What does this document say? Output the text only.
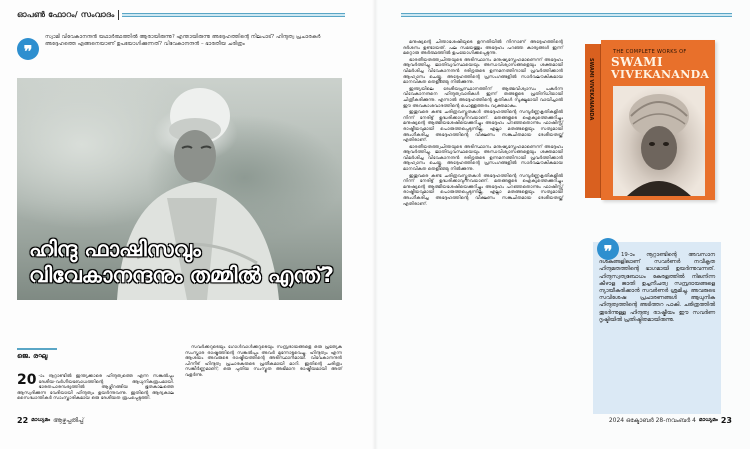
ഓപൺ ഫോറം/ സംവാദം
❞
സ്വാമി വിവേകാനന്ദൻ യഥാർത്ഥത്തിൽ ആരായിരുന്നു? എന്തായിരുന്നു അദ്ദേഹത്തിന്റെ നിലപാട്? ഹിന്ദുത്വ പ്രചാരകർ അദ്ദേഹത്തെ എങ്ങനെയാണ് ഉപയോഗിക്കുന്നത്? വിവേകാനന്ദൻ – ഭാരതീയ ചരിത്രം
ഹിന്ദു ഫാഷിസവും
വിവേകാനന്ദനും തമ്മിൽ എന്ത്?
ജെ. രഘു
20 -ാം നൂറ്റാണ്ടിൽ ഇന്ത്യക്കാരെ ഹിന്ദുത്വത്തെ എന്ന സങ്കൽപ്പം ദേശീയ-വർഗീയബോധത്തിന്റെ ആധുനികരൂപമായി. ഭാരതപാരമ്പര്യത്തിൽ ആഴ്ന്നിറങ്ങിയ ഭൂതകാലത്തെ ആസ്വദിക്കുന്ന വേദിയായി ഹിന്ദുത്വം ഉയർന്നുവന്നു. ഇതിന്റെ ആദ്യകാല സൈദ്ധാന്തികർ സാംസ്കാരികമായ ഒരു ദേശീയത രൂപപ്പെടുത്തി.

സവർക്കറുടെയും ഗോൾവാൾക്കറുടെയും സമ്പ്രദായങ്ങളെ ഒരു പ്രത്യേക സംസ്കാര രാഷ്ട്രത്തിന്റെ സങ്കൽപ്പം അവർ മുന്നോട്ടുവെച്ചു. ഹിന്ദുത്വം എന്ന ആശയം അവരുടെ രാഷ്ട്രീയത്തിന്റെ അടിസ്ഥാനമായി. വിവേകാനന്ദൻ പിന്നീട് ഹിന്ദുത്വ പ്രചാരകരുടെ പ്രതീകമായി മാറി. ഇതിന്റെ ചരിത്രം സങ്കീർണ്ണമാണ്; ഒരു പുതിയ സംസ്കൃത അഭിമാന രാഷ്ട്രീയമായി അത് വളർന്നു.

22 മാധ്യമം ആഴ്ചപ്പതിപ്പ്

മനുഷ്യന്റെ ചിന്താശേഷിയുടെ ഉന്നതിയിൽ നിന്നാണ് അദ്ദേഹത്തിന്റെ ദർശനം ഉണ്ടായത്. പല സമയത്തും അദ്ദേഹം പറഞ്ഞ കാര്യങ്ങൾ ഇന്ന് മറ്റൊരു അർത്ഥത്തിൽ ഉപയോഗിക്കപ്പെടുന്നു.

ഭാരതീയതത്ത്വചിന്തയുടെ അടിസ്ഥാനം മനുഷ്യസ്നേഹമാണെന്ന് അദ്ദേഹം ആവർത്തിച്ചു. ജാതിവ്യവസ്ഥയെയും അന്ധവിശ്വാസങ്ങളെയും ശക്തമായി വിമർശിച്ച വിവേകാനന്ദൻ ദരിദ്രരുടെ ഉന്നമനത്തിനായി പ്രവർത്തിക്കാൻ ആഹ്വാനം ചെയ്തു. അദ്ദേഹത്തിന്റെ പ്രസംഗങ്ങളിൽ സാർവലൗകികമായ മാനവികത തെളിഞ്ഞു നിൽക്കുന്നു.

ഇന്ത്യയിലെ ദേശീയപ്രസ്ഥാനത്തിന് ആത്മവിശ്വാസം പകർന്ന വിവേകാനന്ദനെ ഹിന്ദുത്വവാദികൾ ഇന്ന് തങ്ങളുടെ പ്രതിനിധിയായി ചിത്രീകരിക്കുന്നു. എന്നാൽ അദ്ദേഹത്തിന്റെ കൃതികൾ സൂക്ഷ്മമായി വായിച്ചാൽ ഈ അവകാശവാദത്തിന്റെ പൊള്ളത്തരം വ്യക്തമാകും.

ഇതുവരെ കണ്ട ചരിത്രവസ്തുതകൾ അദ്ദേഹത്തിന്റെ സമ്പൂർണ്ണകൃതികളിൽ നിന്ന് നേരിട്ട് ഉദ്ധരിക്കാവുന്നവയാണ്. മതങ്ങളുടെ ഐക്യത്തെക്കുറിച്ചും മനുഷ്യന്റെ ആത്മീയശേഷിയെക്കുറിച്ചും അദ്ദേഹം പറഞ്ഞതൊന്നും ഫാഷിസ്റ്റ് രാഷ്ട്രീയവുമായി പൊരുത്തപ്പെടുന്നില്ല. എല്ലാ മതങ്ങളെയും സത്യമായി അംഗീകരിച്ച അദ്ദേഹത്തിന്റെ വീക്ഷണം സങ്കുചിതമായ ദേശീയതയ്ക്ക് എതിരാണ്.

ഭാരതീയതത്ത്വചിന്തയുടെ അടിസ്ഥാനം മനുഷ്യസ്നേഹമാണെന്ന് അദ്ദേഹം ആവർത്തിച്ചു. ജാതിവ്യവസ്ഥയെയും അന്ധവിശ്വാസങ്ങളെയും ശക്തമായി വിമർശിച്ച വിവേകാനന്ദൻ ദരിദ്രരുടെ ഉന്നമനത്തിനായി പ്രവർത്തിക്കാൻ ആഹ്വാനം ചെയ്തു. അദ്ദേഹത്തിന്റെ പ്രസംഗങ്ങളിൽ സാർവലൗകികമായ മാനവികത തെളിഞ്ഞു നിൽക്കുന്നു.

ഇതുവരെ കണ്ട ചരിത്രവസ്തുതകൾ അദ്ദേഹത്തിന്റെ സമ്പൂർണ്ണകൃതികളിൽ നിന്ന് നേരിട്ട് ഉദ്ധരിക്കാവുന്നവയാണ്. മതങ്ങളുടെ ഐക്യത്തെക്കുറിച്ചും മനുഷ്യന്റെ ആത്മീയശേഷിയെക്കുറിച്ചും അദ്ദേഹം പറഞ്ഞതൊന്നും ഫാഷിസ്റ്റ് രാഷ്ട്രീയവുമായി പൊരുത്തപ്പെടുന്നില്ല. എല്ലാ മതങ്ങളെയും സത്യമായി അംഗീകരിച്ച അദ്ദേഹത്തിന്റെ വീക്ഷണം സങ്കുചിതമായ ദേശീയതയ്ക്ക് എതിരാണ്.

SWAMI VIVEKANANDA
THE COMPLETE WORKS OF
SWAMI
VIVEKANANDA
❞	19-ാം നൂറ്റാണ്ടിന്റെ അവസാന ദശകങ്ങളിലാണ് സവർണർ നവീകൃത ഹിന്ദുമതത്തിന്റെ ഭാഗമായി ഉയർന്നുവന്നത്. ഹിന്ദുസ്വത്വബോധം കേരളത്തിൽ നിലനിന്ന കീഴാള ജാതി ഉച്ചനീചത്വ സമ്പ്രദായങ്ങളെ ന്യായീകരിക്കാൻ സവർണർ ശ്രമിച്ചു. അവരുടെ സവിശേഷ പ്രചാരണങ്ങൾ ആധുനിക ഹിന്ദുത്വത്തിന്റെ അടിത്തറ പാകി. ചരിത്രത്തിൽ തുടർന്നുള്ള ഹിന്ദുത്വ രാഷ്ട്രീയം ഈ സവർണ ദൃഷ്ടിയിൽ പ്രതിഷ്ഠിതമായിരുന്നു.
2024 ഒക്ടോബർ 28-നവംബർ 4 മാധ്യമം 23
